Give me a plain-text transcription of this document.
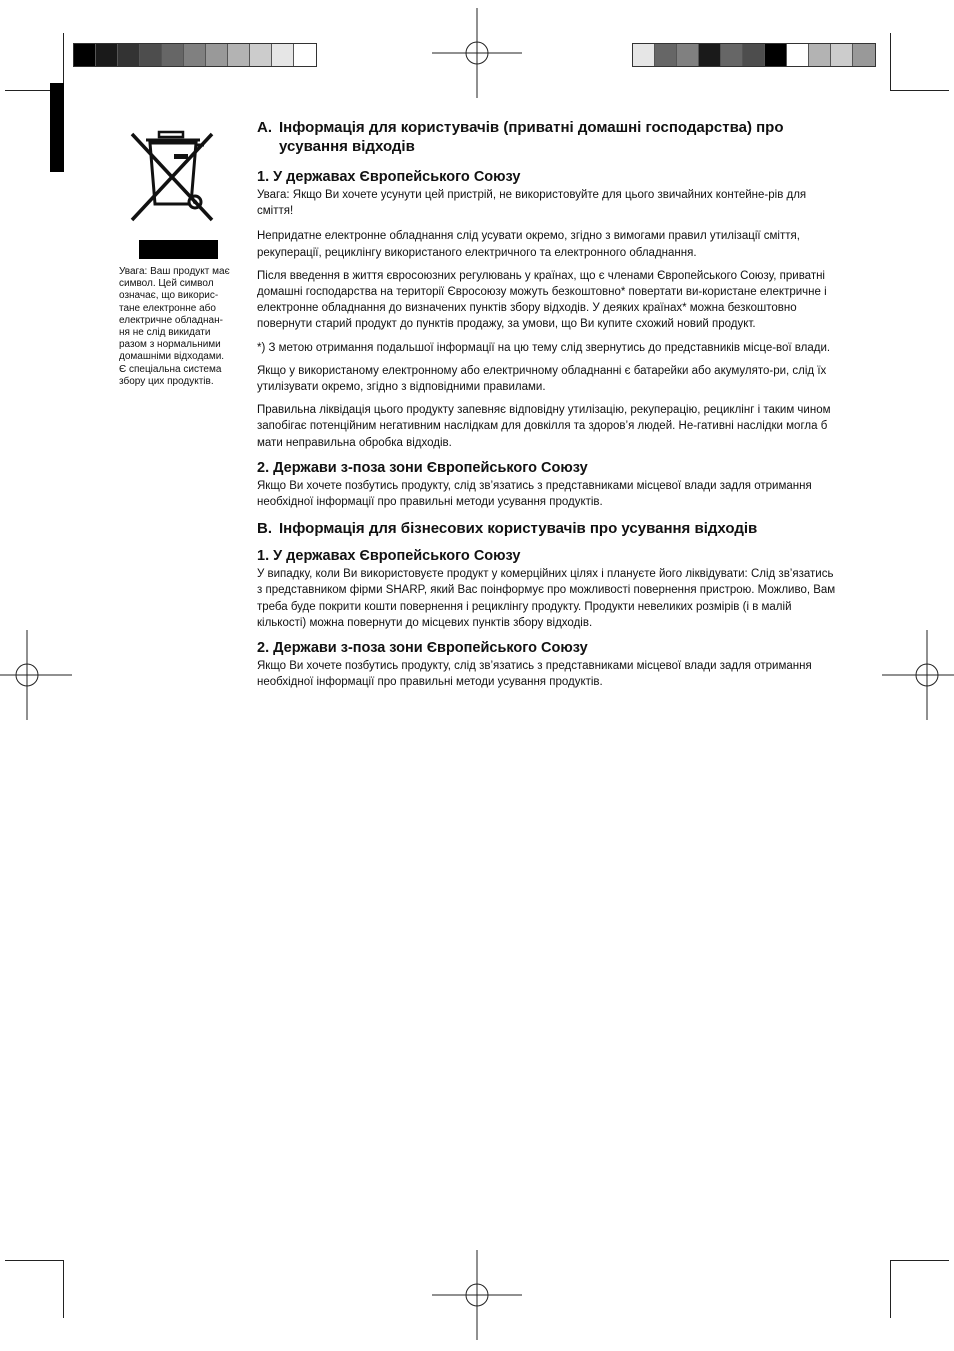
Увага: Ваш продукт має
символ. Цей символ
означає, що викорис-
тане електронне або
електричне обладнан-
ня не слід викидати
разом з нормальними
домашніми відходами.
Є спеціальна система
збору цих продуктів.
A. Інформація для користувачів (приватні домашні господарства) про усування відходів
1. У державах Європейського Союзу
Увага: Якщо Ви хочете усунути цей пристрій, не використовуйте для цього звичайних контейне-рів для сміття!
Непридатне електронне обладнання слід усувати окремо, згідно з вимогами правил утилізації сміття, рекуперації, рециклінгу використаного електричного та електронного обладнання.
Після введення в життя євросоюзних регулювань у країнах, що є членами Європейського Союзу, приватні домашні господарства на території Євросоюзу можуть безкоштовно* повертати ви-користане електричне і електронне обладнання до визначених пунктів збору відходів. У деяких країнах* можна безкоштовно повернути старий продукт до пунктів продажу, за умови, що Ви купите схожий новий продукт.
*) З метою отримання подальшої інформації на цю тему слід звернутись до представників місце-вої влади.
Якщо у використаному електронному або електричному обладнанні є батарейки або акумулято-ри, слід їх утилізувати окремо, згідно з відповідними правилами.
Правильна ліквідація цього продукту запевняє відповідну утилізацію, рекуперацію, рециклінг і таким чином запобігає потенційним негативним наслідкам для довкілля та здоров’я людей. Не-гативні наслідки могла б мати неправильна обробка відходів.
2. Держави з-поза зони Європейського Союзу
Якщо Ви хочете позбутись продукту, слід зв’язатись з представниками місцевої влади задля отримання необхідної інформації про правильні методи усування продуктів.
B. Інформація для бізнесових користувачів про усування відходів
1. У державах Європейського Союзу
У випадку, коли Ви використовуєте продукт у комерційних цілях і плануєте його ліквідувати: Слід зв’язатись з представником фірми SHARP, який Вас поінформує про можливості повернення пристрою. Можливо, Вам треба буде покрити кошти повернення і рециклінгу продукту. Продукти невеликих розмірів (і в малій кількості) можна повернути до місцевих пунктів збору відходів.
2. Держави з-поза зони Європейського Союзу
Якщо Ви хочете позбутись продукту, слід зв’язатись з представниками місцевої влади задля отримання необхідної інформації про правильні методи усування продуктів.
